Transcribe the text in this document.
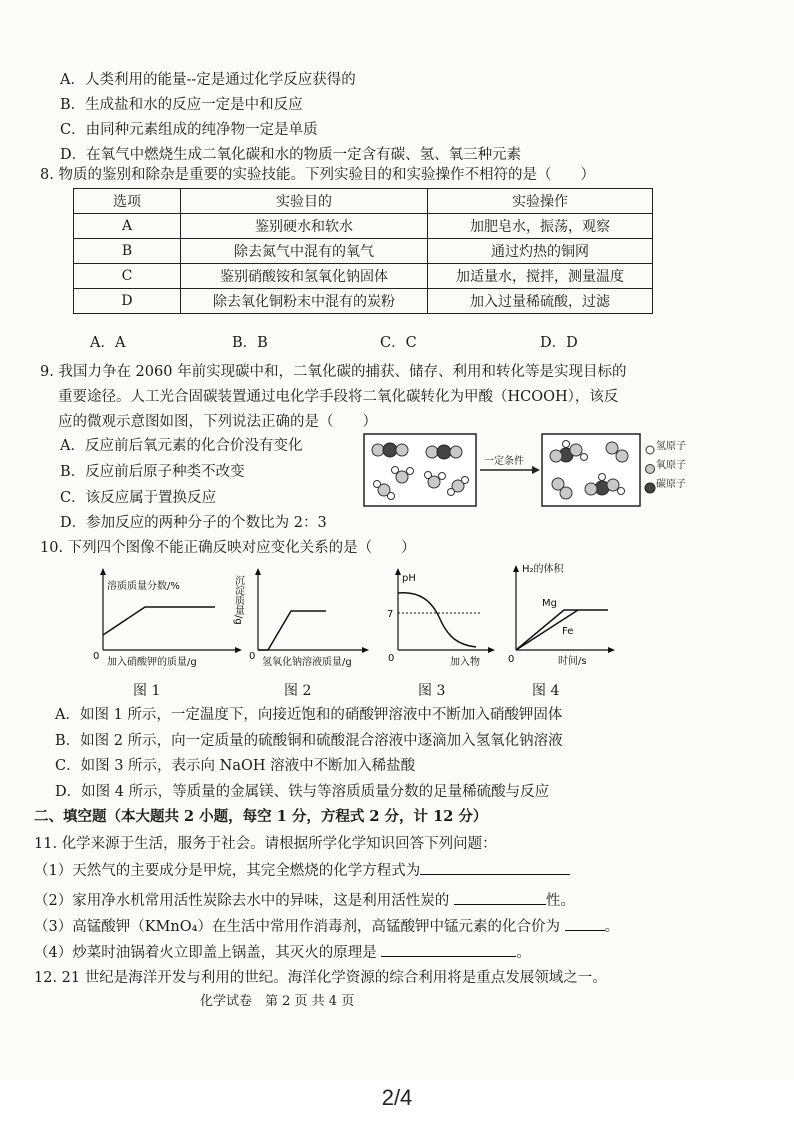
A．人类利用的能量--定是通过化学反应获得的
B．生成盐和水的反应一定是中和反应
C．由同种元素组成的纯净物一定是单质
D．在氧气中燃烧生成二氧化碳和水的物质一定含有碳、氢、氧三种元素
8. 物质的鉴别和除杂是重要的实验技能。下列实验目的和实验操作不相符的是（　　）
选项	实验目的	实验操作
A	鉴别硬水和软水	加肥皂水，振荡，观察
B	除去氮气中混有的氧气	通过灼热的铜网
C	鉴别硝酸铵和氢氧化钠固体	加适量水，搅拌，测量温度
D	除去氧化铜粉末中混有的炭粉	加入过量稀硫酸，过滤
A．A	B．B	C．C	D．D
9. 我国力争在 2060 年前实现碳中和，二氧化碳的捕获、储存、利用和转化等是实现目标的
重要途径。人工光合固碳装置通过电化学手段将二氧化碳转化为甲酸（HCOOH），该反
应的微观示意图如图，下列说法正确的是（　　）
A．反应前后氧元素的化合价没有变化
B．反应前后原子种类不改变
C．该反应属于置换反应
D．参加反应的两种分子的个数比为 2：3
一定条件
氢原子
氧原子
碳原子
10. 下列四个图像不能正确反映对应变化关系的是（　　）
溶质质量分数/%
0
加入硝酸钾的质量/g
图 1
沉淀质量/g
0
氢氧化钠溶液质量/g
图 2
pH
7
0	加入物
图 3
H₂的体积
Mg
Fe
0	时间/s
图 4
A．如图 1 所示，一定温度下，向接近饱和的硝酸钾溶液中不断加入硝酸钾固体
B．如图 2 所示，向一定质量的硫酸铜和硫酸混合溶液中逐滴加入氢氧化钠溶液
C．如图 3 所示，表示向 NaOH 溶液中不断加入稀盐酸
D．如图 4 所示，等质量的金属镁、铁与等溶质质量分数的足量稀硫酸与反应
二、填空题（本大题共 2 小题，每空 1 分，方程式 2 分，计 12 分）
11. 化学来源于生活，服务于社会。请根据所学化学知识回答下列问题：
（1）天然气的主要成分是甲烷，其完全燃烧的化学方程式为
（2）家用净水机常用活性炭除去水中的异味，这是利用活性炭的	性。
（3）高锰酸钾（KMnO₄）在生活中常用作消毒剂，高锰酸钾中锰元素的化合价为	。
（4）炒菜时油锅着火立即盖上锅盖，其灭火的原理是	。
12. 21 世纪是海洋开发与利用的世纪。海洋化学资源的综合利用将是重点发展领域之一。
化学试卷　第 2 页 共 4 页
2/4
